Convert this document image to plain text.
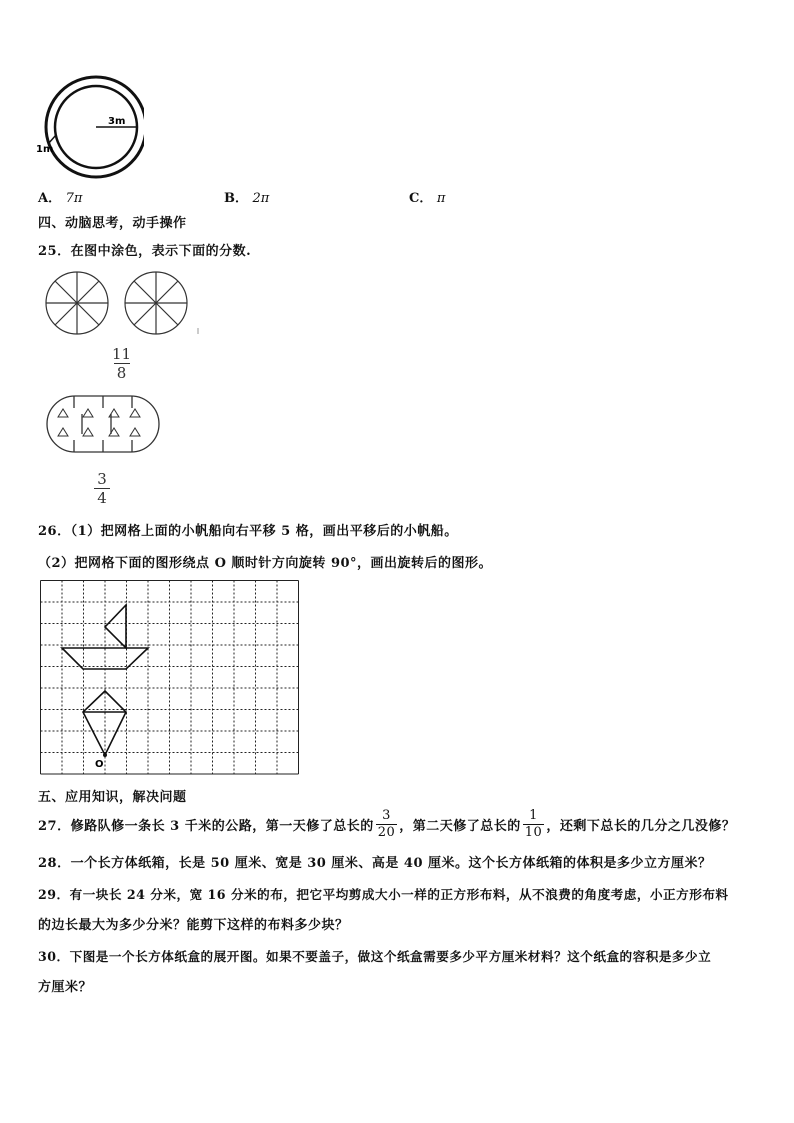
3m
1m
A． 7π	B． 2π	C． π
四、动脑思考，动手操作
25．在图中涂色，表示下面的分数.
$\frac{11}{8}$
$\frac{3}{4}$
26．（1）把网格上面的小帆船向右平移 5 格，画出平移后的小帆船。
（2）把网格下面的图形绕点 O 顺时针方向旋转 90°，画出旋转后的图形。
O
五、应用知识，解决问题
27．修路队修一条长 3 千米的公路，第一天修了总长的 $\frac{3}{20}$ ，第二天修了总长的 $\frac{1}{10}$ ，还剩下总长的几分之几没修？
28．一个长方体纸箱，长是 50 厘米、宽是 30 厘米、高是 40 厘米。这个长方体纸箱的体积是多少立方厘米？
29．有一块长 24 分米，宽 16 分米的布，把它平均剪成大小一样的正方形布料，从不浪费的角度考虑，小正方形布料
的边长最大为多少分米？能剪下这样的布料多少块？
30．下图是一个长方体纸盒的展开图。如果不要盖子，做这个纸盒需要多少平方厘米材料？这个纸盒的容积是多少立
方厘米？
